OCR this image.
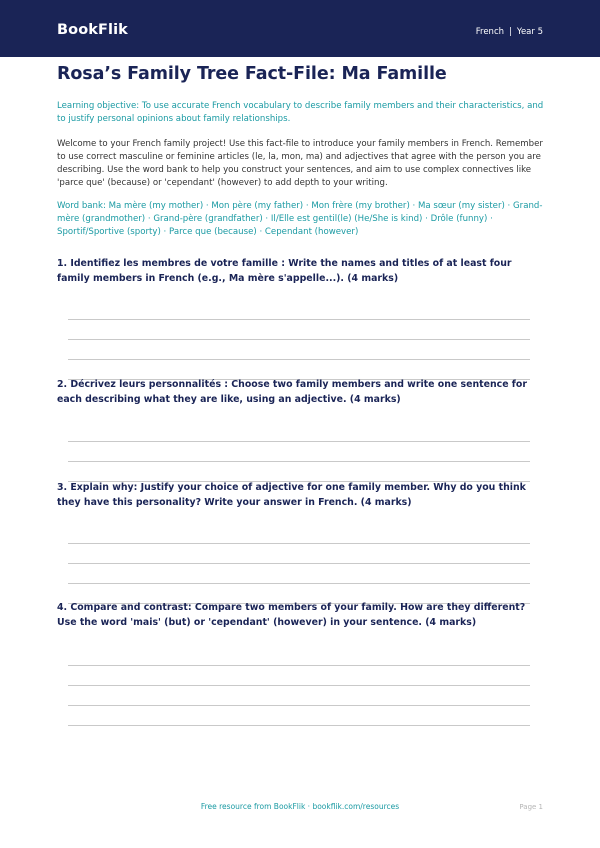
BookFlik	French | Year 5
Rosa’s Family Tree Fact-File: Ma Famille

Learning objective: To use accurate French vocabulary to describe family members and their characteristics, and to justify personal opinions about family relationships.

Welcome to your French family project! Use this fact-file to introduce your family members in French. Remember to use correct masculine or feminine articles (le, la, mon, ma) and adjectives that agree with the person you are describing. Use the word bank to help you construct your sentences, and aim to use complex connectives like 'parce que' (because) or 'cependant' (however) to add depth to your writing.

Word bank: Ma mère (my mother) · Mon père (my father) · Mon frère (my brother) · Ma sœur (my sister) · Grand-mère (grandmother) · Grand-père (grandfather) · Il/Elle est gentil(le) (He/She is kind) · Drôle (funny) · Sportif/Sportive (sporty) · Parce que (because) · Cependant (however)

1. Identifiez les membres de votre famille : Write the names and titles of at least four family members in French (e.g., Ma mère s'appelle...). (4 marks)

2. Décrivez leurs personnalités : Choose two family members and write one sentence for each describing what they are like, using an adjective. (4 marks)

3. Explain why: Justify your choice of adjective for one family member. Why do you think they have this personality? Write your answer in French. (4 marks)

4. Compare and contrast: Compare two members of your family. How are they different? Use the word 'mais' (but) or 'cependant' (however) in your sentence. (4 marks)

Free resource from BookFlik · bookflik.com/resources	Page 1
